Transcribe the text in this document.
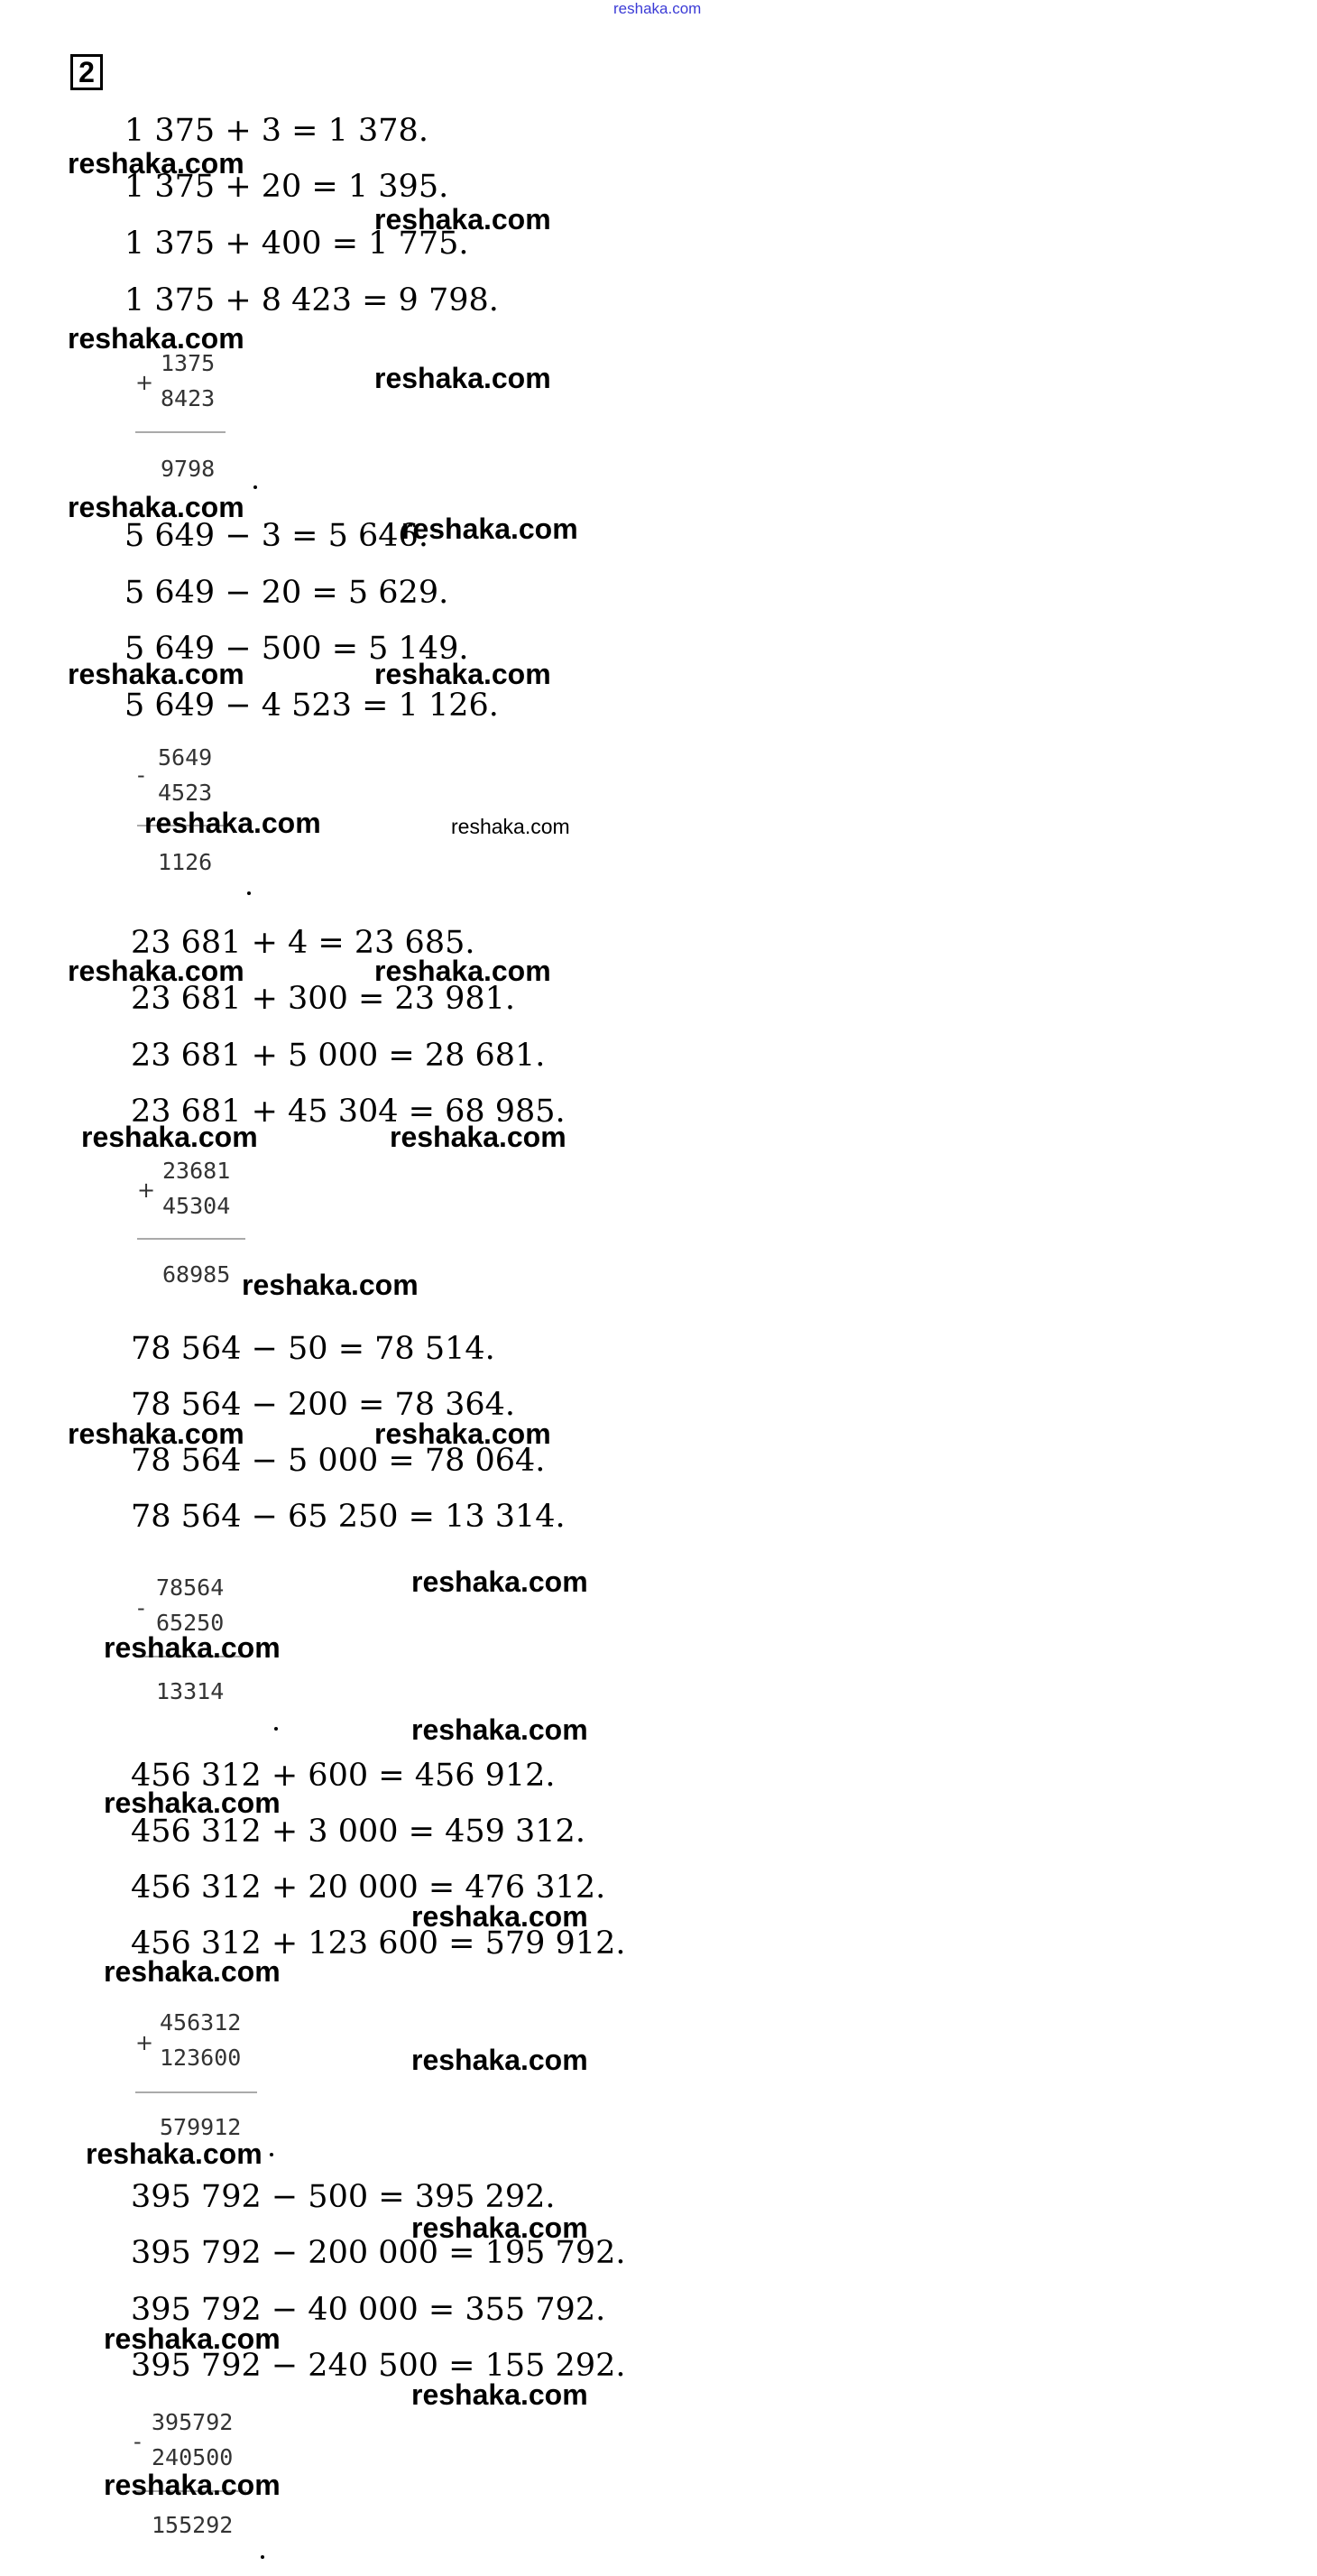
reshaka.com
2
1 375 + 3 = 1 378.
1 375 + 20 = 1 395.
1 375 + 400 = 1 775.
1 375 + 8 423 = 9 798.
+
1375
8423
9798
5 649 − 3 = 5 646.
5 649 − 20 = 5 629.
5 649 − 500 = 5 149.
5 649 − 4 523 = 1 126.
-
5649
4523
1126
23 681 + 4 = 23 685.
23 681 + 300 = 23 981.
23 681 + 5 000 = 28 681.
23 681 + 45 304 = 68 985.
+
23681
45304
68985
78 564 − 50 = 78 514.
78 564 − 200 = 78 364.
78 564 − 5 000 = 78 064.
78 564 − 65 250 = 13 314.
-
78564
65250
13314
456 312 + 600 = 456 912.
456 312 + 3 000 = 459 312.
456 312 + 20 000 = 476 312.
456 312 + 123 600 = 579 912.
+
456312
123600
579912
395 792 − 500 = 395 292.
395 792 − 200 000 = 195 792.
395 792 − 40 000 = 355 792.
395 792 − 240 500 = 155 292.
-
395792
240500
155292
reshaka.com
reshaka.com
reshaka.com
reshaka.com
reshaka.com
reshaka.com
reshaka.com	reshaka.com
reshaka.com	reshaka.com
reshaka.com	reshaka.com
reshaka.com	reshaka.com
reshaka.com
reshaka.com	reshaka.com
reshaka.com
reshaka.com
reshaka.com
reshaka.com
reshaka.com
reshaka.com
reshaka.com
reshaka.com
reshaka.com
reshaka.com
reshaka.com
reshaka.com
